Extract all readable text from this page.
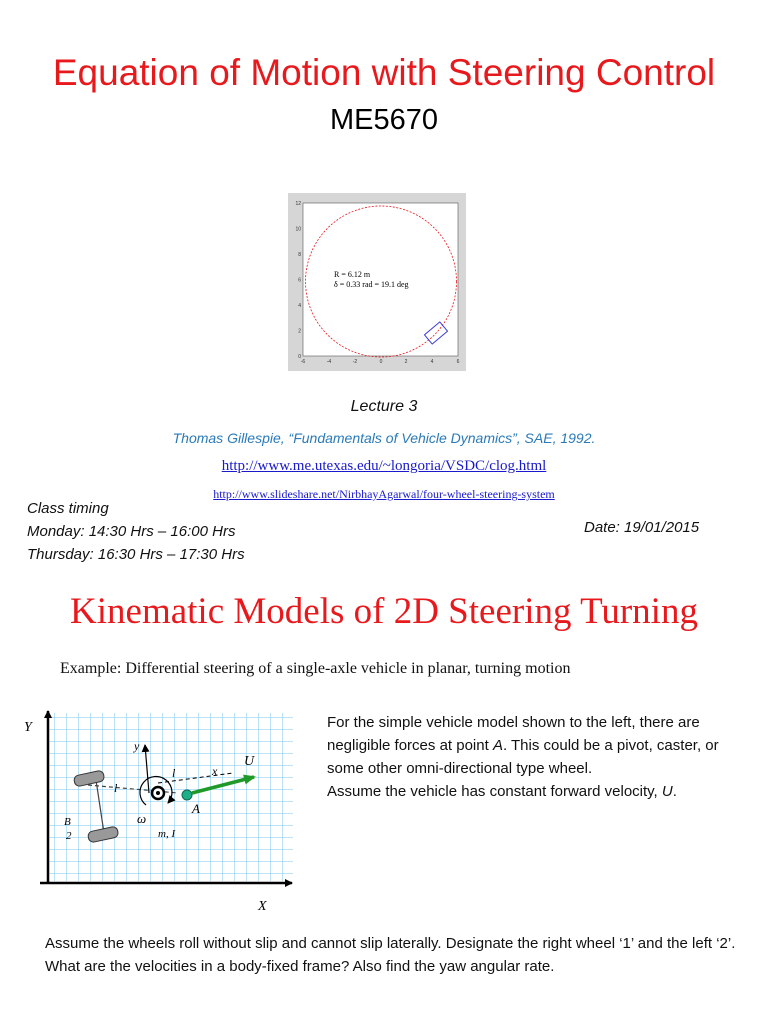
Equation of Motion with Steering Control
ME5670
R = 6.12 m
δ = 0.33 rad = 19.1 deg
0
2
4
6
8
10
12
-6	-4	-2	0	2	4	6
Lecture 3
Thomas Gillespie, “Fundamentals of Vehicle Dynamics”, SAE, 1992.
http://www.me.utexas.edu/~longoria/VSDC/clog.html
http://www.slideshare.net/NirbhayAgarwal/four-wheel-steering-system
Class timing
Monday: 14:30 Hrs – 16:00 Hrs
Thursday: 16:30 Hrs – 17:30 Hrs
Date: 19/01/2015
Kinematic Models of 2D Steering Turning
Example: Differential steering of a single-axle vehicle in planar, turning motion
Y
X
y
x
U
l
l
A
B
2
ω
m, I
For the simple vehicle model shown to the left, there are negligible forces at point A. This could be a pivot, caster, or some other omni-directional type wheel.
Assume the vehicle has constant forward velocity, U.
Assume the wheels roll without slip and cannot slip laterally. Designate the right wheel ‘1’ and the left ‘2’. What are the velocities in a body-fixed frame? Also find the yaw angular rate.
